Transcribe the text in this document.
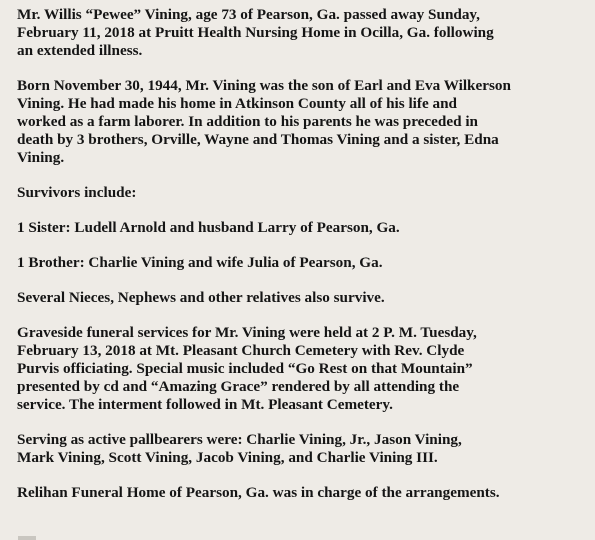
Mr. Willis “Pewee” Vining, age 73 of Pearson, Ga. passed away Sunday,
February 11, 2018 at Pruitt Health Nursing Home in Ocilla, Ga. following
an extended illness.

Born November 30, 1944, Mr. Vining was the son of Earl and Eva Wilkerson
Vining. He had made his home in Atkinson County all of his life and
worked as a farm laborer. In addition to his parents he was preceded in
death by 3 brothers, Orville, Wayne and Thomas Vining and a sister, Edna
Vining.

Survivors include:

1 Sister: Ludell Arnold and husband Larry of Pearson, Ga.

1 Brother: Charlie Vining and wife Julia of Pearson, Ga.

Several Nieces, Nephews and other relatives also survive.

Graveside funeral services for Mr. Vining were held at 2 P. M. Tuesday,
February 13, 2018 at Mt. Pleasant Church Cemetery with Rev. Clyde
Purvis officiating. Special music included “Go Rest on that Mountain”
presented by cd and “Amazing Grace” rendered by all attending the
service. The interment followed in Mt. Pleasant Cemetery.

Serving as active pallbearers were: Charlie Vining, Jr., Jason Vining,
Mark Vining, Scott Vining, Jacob Vining, and Charlie Vining III.

Relihan Funeral Home of Pearson, Ga. was in charge of the arrangements.
